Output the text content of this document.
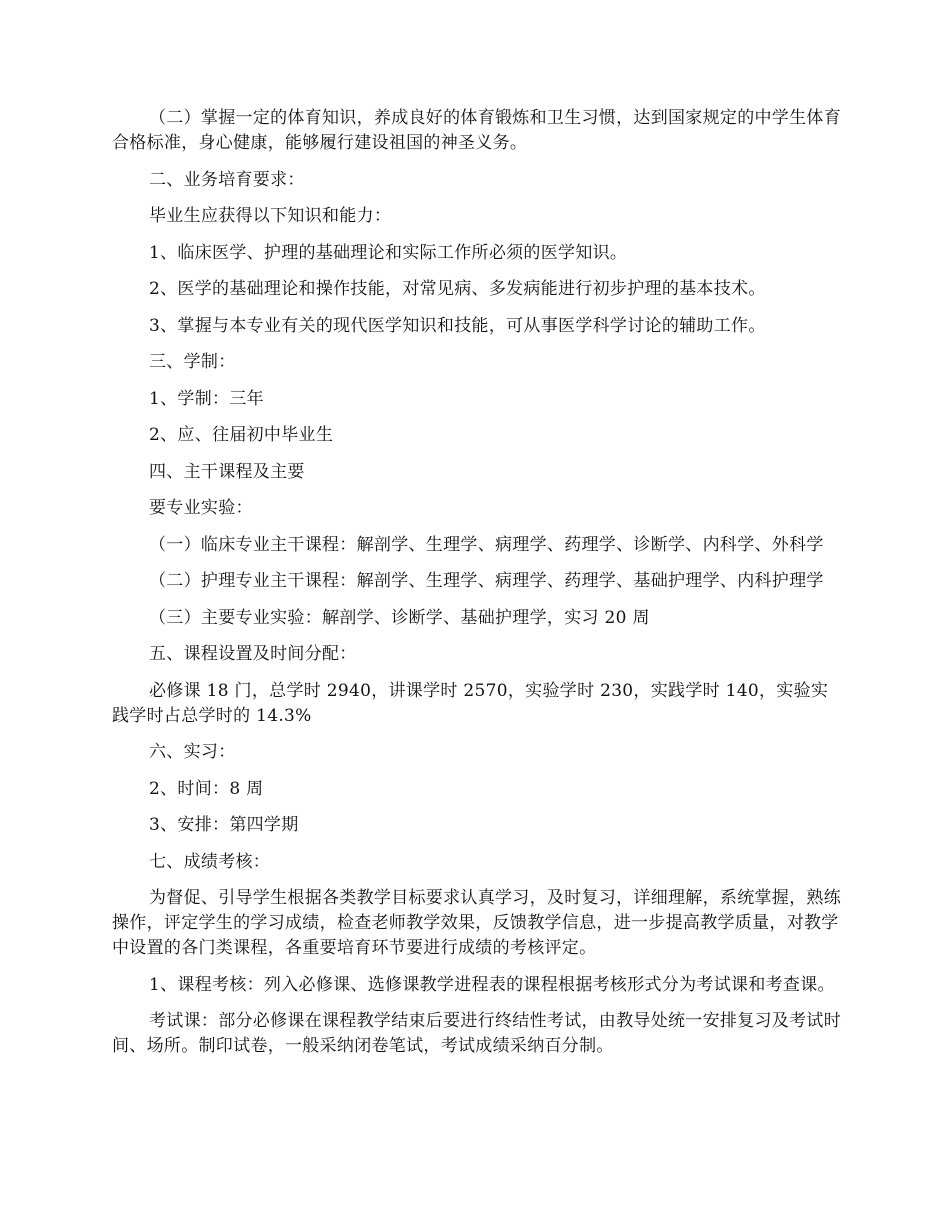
（二）掌握一定的体育知识，养成良好的体育锻炼和卫生习惯，达到国家规定的中学生体育合格标准，身心健康，能够履行建设祖国的神圣义务。

二、业务培育要求：

毕业生应获得以下知识和能力：

1、临床医学、护理的基础理论和实际工作所必须的医学知识。

2、医学的基础理论和操作技能，对常见病、多发病能进行初步护理的基本技术。

3、掌握与本专业有关的现代医学知识和技能，可从事医学科学讨论的辅助工作。

三、学制：

1、学制：三年

2、应、往届初中毕业生

四、主干课程及主要

要专业实验：

（一）临床专业主干课程：解剖学、生理学、病理学、药理学、诊断学、内科学、外科学

（二）护理专业主干课程：解剖学、生理学、病理学、药理学、基础护理学、内科护理学

（三）主要专业实验：解剖学、诊断学、基础护理学，实习 20 周

五、课程设置及时间分配：

必修课 18 门，总学时 2940，讲课学时 2570，实验学时 230，实践学时 140，实验实践学时占总学时的 14.3%

六、实习：

2、时间：8 周

3、安排：第四学期

七、成绩考核：

为督促、引导学生根据各类教学目标要求认真学习，及时复习，详细理解，系统掌握，熟练操作，评定学生的学习成绩，检查老师教学效果，反馈教学信息，进一步提高教学质量，对教学中设置的各门类课程，各重要培育环节要进行成绩的考核评定。

1、课程考核：列入必修课、选修课教学进程表的课程根据考核形式分为考试课和考查课。

考试课：部分必修课在课程教学结束后要进行终结性考试，由教导处统一安排复习及考试时间、场所。制印试卷，一般采纳闭卷笔试，考试成绩采纳百分制。
